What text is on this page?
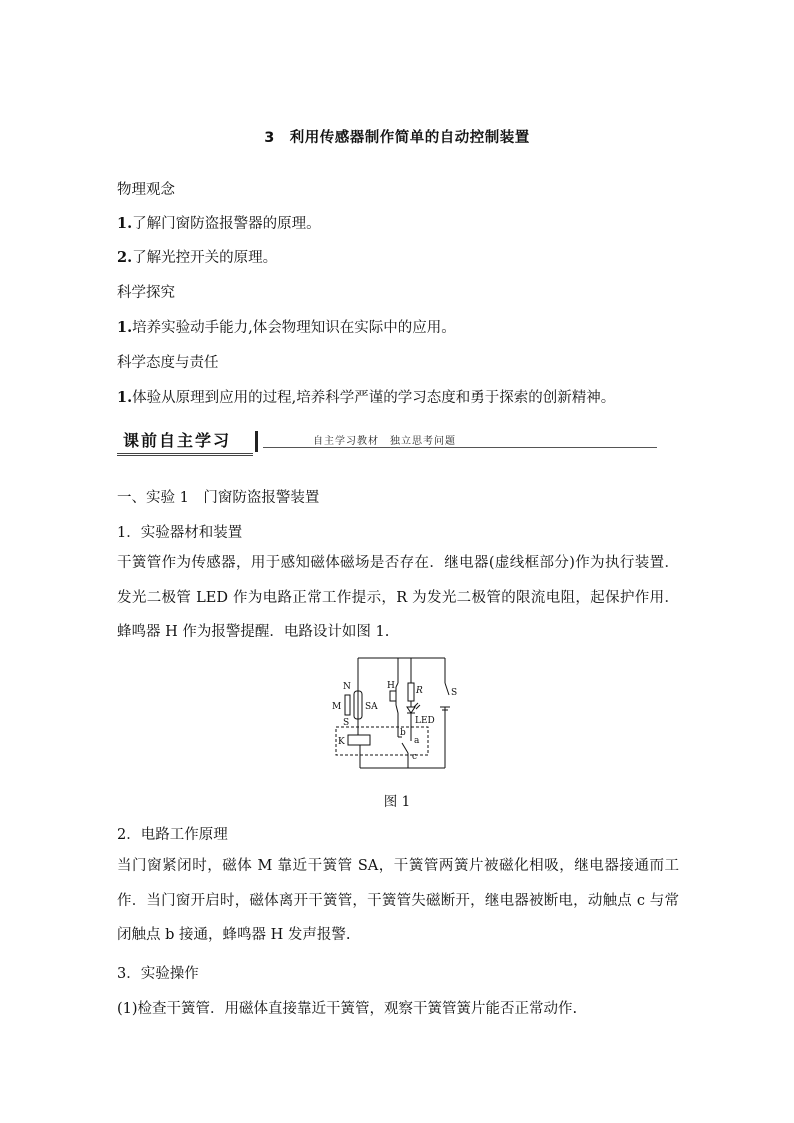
3　利用传感器制作简单的自动控制装置
物理观念
1.了解门窗防盗报警器的原理。
2.了解光控开关的原理。
科学探究
1.培养实验动手能力,体会物理知识在实际中的应用。
科学态度与责任
1.体验从原理到应用的过程,培养科学严谨的学习态度和勇于探索的创新精神。
课前自主学习	自主学习教材　独立思考问题
一、实验 1　门窗防盗报警装置
1．实验器材和装置

干簧管作为传感器，用于感知磁体磁场是否存在．继电器(虚线框部分)作为执行装置．发光二极管 LED 作为电路正常工作提示，R 为发光二极管的限流电阻，起保护作用．蜂鸣器 H 作为报警提醒．电路设计如图 1.

N
M
S
SA
H R
LED
S
K
b
a
c
图 1
2．电路工作原理

当门窗紧闭时，磁体 M 靠近干簧管 SA，干簧管两簧片被磁化相吸，继电器接通而工作．当门窗开启时，磁体离开干簧管，干簧管失磁断开，继电器被断电，动触点 c 与常闭触点 b 接通，蜂鸣器 H 发声报警.

3．实验操作
(1)检查干簧管．用磁体直接靠近干簧管，观察干簧管簧片能否正常动作.
